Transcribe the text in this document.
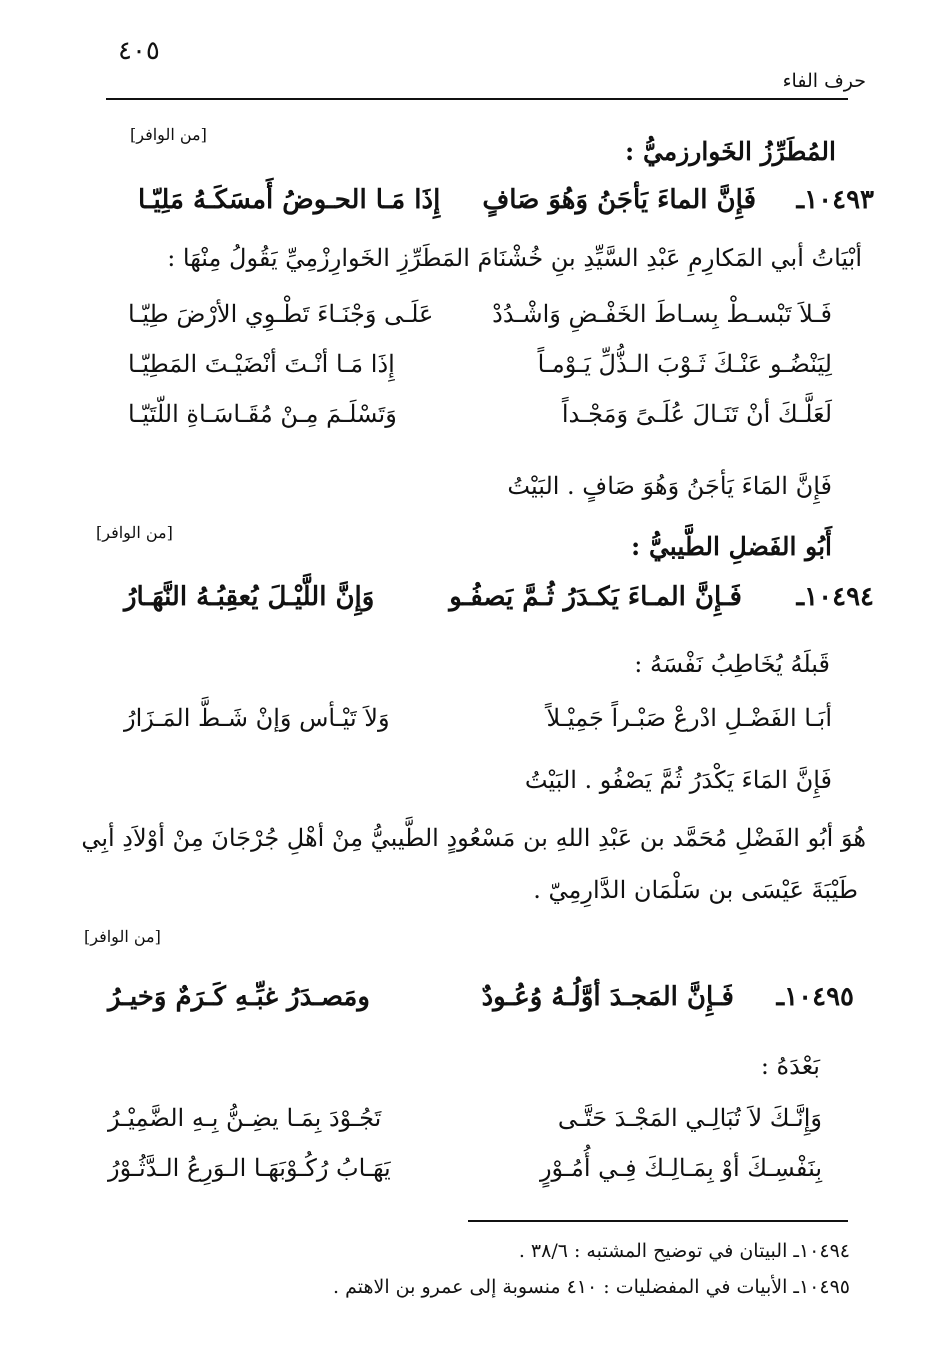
٤٠٥
حرف الفاء
[من الوافر]
المُطَرِّزُ الخَوارزميُّ :
١٠٤٩٣ـ
فَإِنَّ الماءَ يَأجَنُ وَهُوَ صَافٍ
إِذَا مَـا الحـوضُ أَمسَكَـهُ مَلِيّـا
أبْيَاتُ أبي المَكارِمِ عَبْدِ السَّيِّدِ بنِ خُشْنَامَ المَطَرِّزِ الخَوارِزْمِيِّ يَقُولُ مِنْهَا :
فَـلاَ تَبْسـطْ بِسـاطَ الخَفْـضِ وَاشْـدُدْ
عَلَـى وَجْنَـاءَ تَطْـوِي الأرْضَ طِيّـا
لِيَنْضُـو عَنْـكَ ثَـوْبَ الـذُّلِّ يَـوْمـاً
إِذَا مَـا أنْـتَ أنْضَيْـتَ المَطِيّـا
لَعَلَّـكَ أنْ تَنَـالَ عُلَـىً وَمَجْـداً
وَتَسْلَـمَ مِـنْ مُقَـاسَـاةِ اللّتَيّـا
فَإِنَّ المَاءَ يَأجَنُ وَهُوَ صَافٍ . البَيْتُ
[من الوافر]	أَبُو الفَضلِ الطَّيبيُّ :
١٠٤٩٤ـ
فَـإِنَّ المـاءَ يَكـدَرُ ثُـمَّ يَصفُـو
وَإِنَّ اللَّيْـلَ يُعقِبُـهُ النَّهَـارُ
قَبلَهُ يُخَاطِبُ نَفْسَهُ :
أبَـا الفَضْـلِ ادْرعْ صَبْـراً جَمِيْـلاً
وَلاَ تَيْـأس وَإنْ شَـطَّ المَـزَارُ
فَإِنَّ المَاءَ يَكْدَرُ ثُمَّ يَصْفُو . البَيْتُ
هُوَ أبُو الفَضْلِ مُحَمَّد بن عَبْدِ اللهِ بن مَسْعُودٍ الطَّيبيُّ مِنْ أهْلِ جُرْجَانَ مِنْ أوْلاَدِ أبِي
طَيْبَةَ عَيْسَى بن سَلْمَان الدَّارِمِيّ .
[من الوافر]
١٠٤٩٥ـ
فَـإِنَّ المَجـدَ أوَّلُـهُ وُعُـودٌ
ومَصـدَرُ غبِّـهِ كَـرَمٌ وَخيـرُ
بَعْدَهُ :
وَإِنَّـكَ لاَ تُبَالِـي المَجْـدَ حَتَّـى
تَجُـوْدَ بِمَـا يضِـنُّ بِـهِ الضَّمِيْـرُ
بِنَفْسِـكَ أوْ بِمَـالِـكَ فِـي أُمُـوْرٍ
يَهَـابُ رُكُـوْبَهَـا الـوَرِعُ الـدَّثُـوْرُ
١٠٤٩٤ـ البيتان في توضيح المشتبه : ٣٨/٦ .
١٠٤٩٥ـ الأبيات في المفضليات : ٤١٠ منسوبة إلى عمرو بن الاهتم .
